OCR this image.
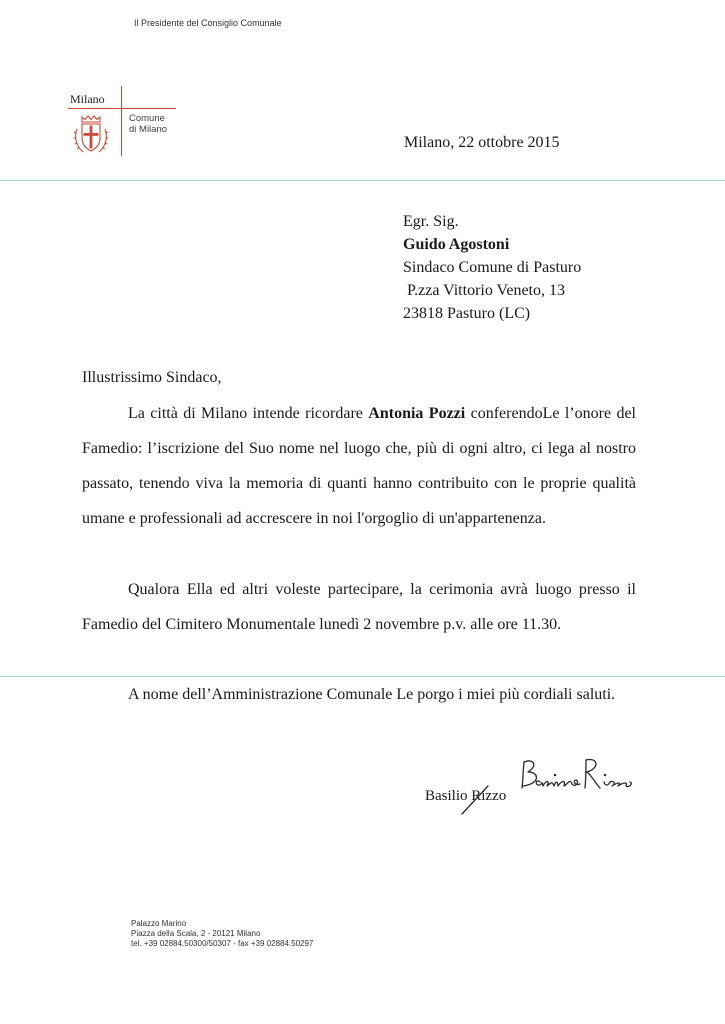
Il Presidente del Consiglio Comunale
Milano
Comune
di Milano
Milano, 22 ottobre 2015
Egr. Sig.
Guido Agostoni
Sindaco Comune di Pasturo
P.zza Vittorio Veneto, 13
23818 Pasturo (LC)
Illustrissimo Sindaco,

La città di Milano intende ricordare Antonia Pozzi conferendoLe l’onore del Famedio: l’iscrizione del Suo nome nel luogo che, più di ogni altro, ci lega al nostro passato, tenendo viva la memoria di quanti hanno contribuito con le proprie qualità umane e professionali ad accrescere in noi l'orgoglio di un'appartenenza.

Qualora Ella ed altri voleste partecipare, la cerimonia avrà luogo presso il Famedio del Cimitero Monumentale lunedì 2 novembre p.v. alle ore 11.30.

A nome dell’Amministrazione Comunale Le porgo i miei più cordiali saluti.

Basilio Rizzo
Palazzo Marino
Piazza della Scala, 2 - 20121 Milano
tel. +39 02884.50300/50307 - fax +39 02884.50297
